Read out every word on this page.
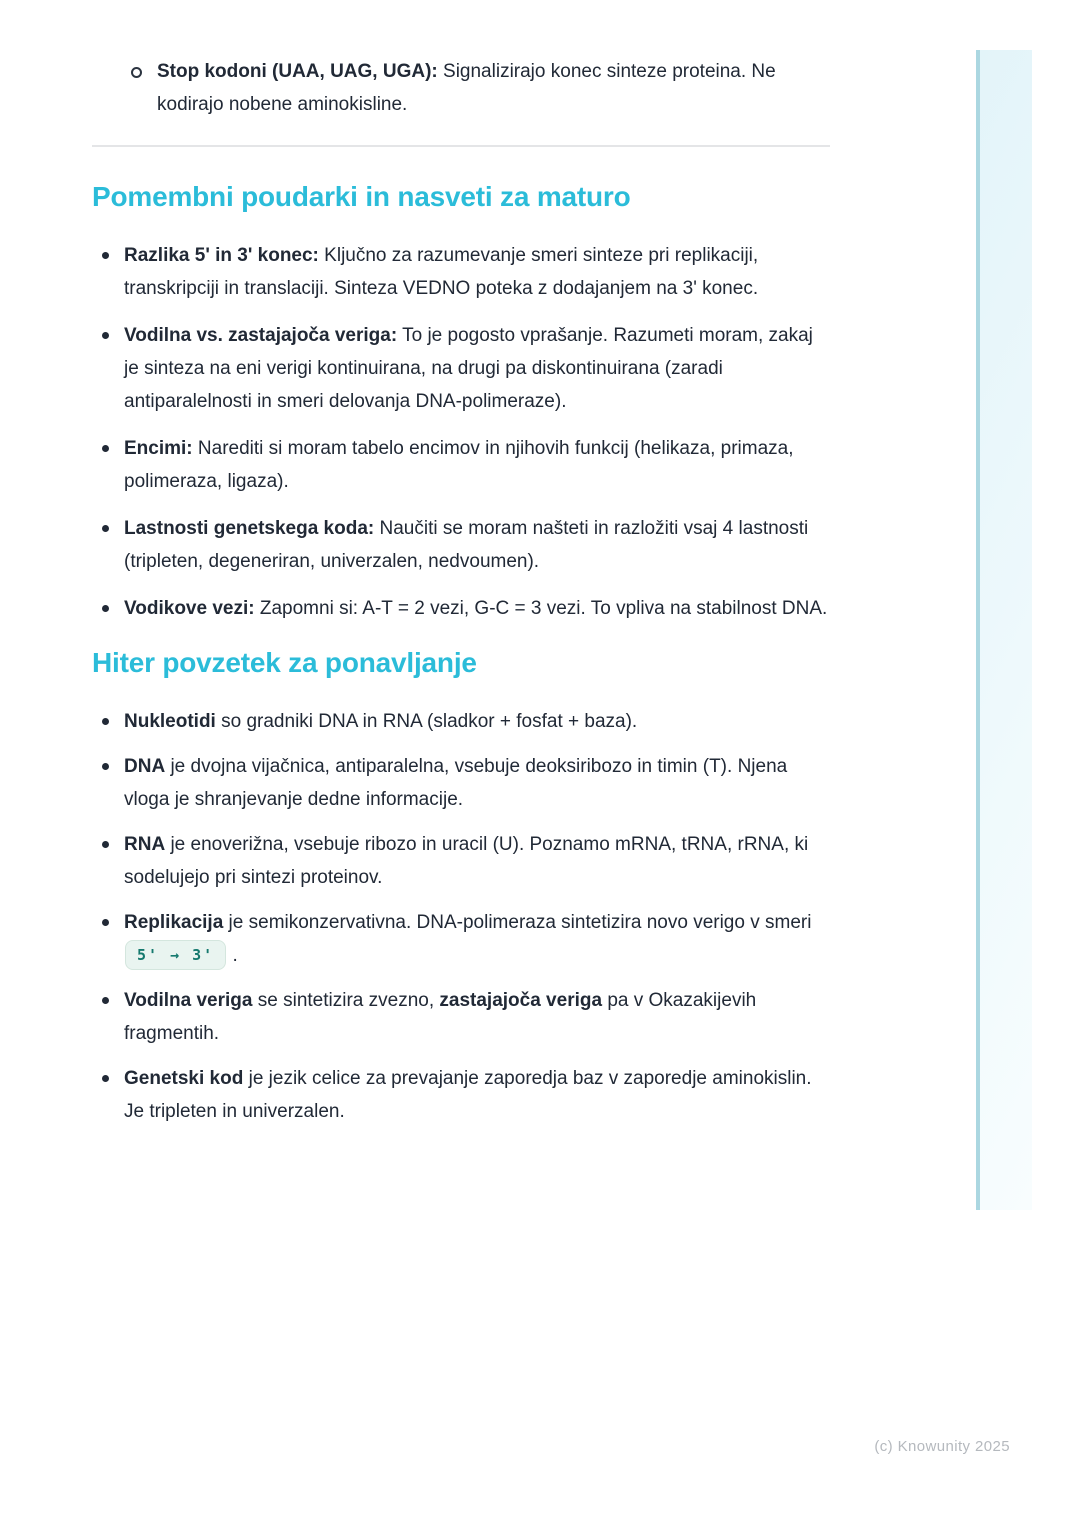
Stop kodoni (UAA, UAG, UGA): Signalizirajo konec sinteze proteina. Ne kodirajo nobene aminokisline.
Pomembni poudarki in nasveti za maturo
Razlika 5' in 3' konec: Ključno za razumevanje smeri sinteze pri replikaciji, transkripciji in translaciji. Sinteza VEDNO poteka z dodajanjem na 3' konec.
Vodilna vs. zastajajoča veriga: To je pogosto vprašanje. Razumeti moram, zakaj je sinteza na eni verigi kontinuirana, na drugi pa diskontinuirana (zaradi antiparalelnosti in smeri delovanja DNA-polimeraze).
Encimi: Narediti si moram tabelo encimov in njihovih funkcij (helikaza, primaza, polimeraza, ligaza).
Lastnosti genetskega koda: Naučiti se moram našteti in razložiti vsaj 4 lastnosti (tripleten, degeneriran, univerzalen, nedvoumen).
Vodikove vezi: Zapomni si: A-T = 2 vezi, G-C = 3 vezi. To vpliva na stabilnost DNA.
Hiter povzetek za ponavljanje
Nukleotidi so gradniki DNA in RNA (sladkor + fosfat + baza).
DNA je dvojna vijačnica, antiparalelna, vsebuje deoksiribozo in timin (T). Njena vloga je shranjevanje dedne informacije.
RNA je enoverižna, vsebuje ribozo in uracil (U). Poznamo mRNA, tRNA, rRNA, ki sodelujejo pri sintezi proteinov.
Replikacija je semikonzervativna. DNA-polimeraza sintetizira novo verigo v smeri 5' → 3' .
Vodilna veriga se sintetizira zvezno, zastajajoča veriga pa v Okazakijevih fragmentih.
Genetski kod je jezik celice za prevajanje zaporedja baz v zaporedje aminokislin. Je tripleten in univerzalen.
(c) Knowunity 2025
